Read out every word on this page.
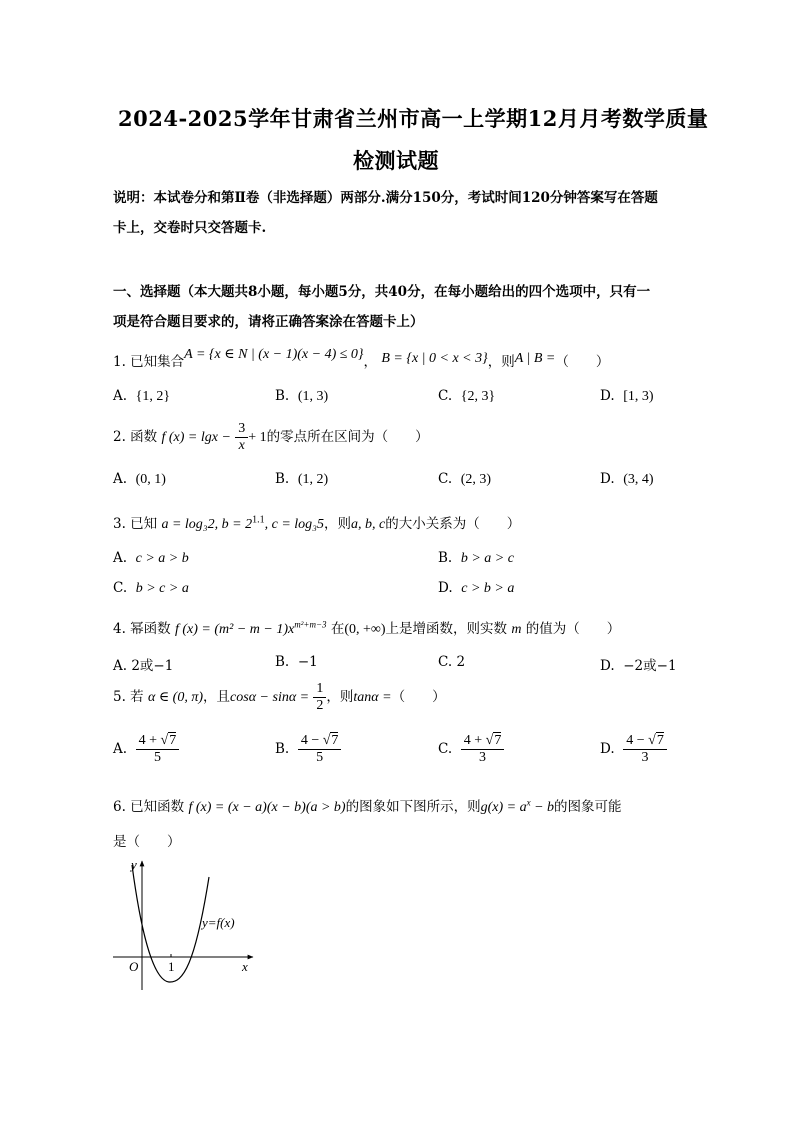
2024-2025学年甘肃省兰州市高一上学期12月月考数学质量
检测试题
说明：本试卷分和第Ⅱ卷（非选择题）两部分.满分150分，考试时间120分钟答案写在答题
卡上，交卷时只交答题卡.
一、选择题（本大题共8小题，每小题5分，共40分，在每小题给出的四个选项中，只有一
项是符合题目要求的，请将正确答案涂在答题卡上）
1. 已知集合A = {x ∈ N | (x − 1)(x − 4) ≤ 0}， B = {x | 0 < x < 3}，则A | B =（　　）
A. {1, 2}	B. (1, 3)	C. {2, 3}	D. [1, 3)
2. 函数 f $(x) = \lg x - \frac{3}{x} + 1$的零点所在区间为（　　）
A. (0, 1)	B. (1, 2)	C. (2, 3)	D. (3, 4)
3. 已知 a = log₃2, $b = 2^{1.1}$, c = log₃5，则a, b, c的大小关系为（　　）
A. c > a > b	B. b > a > c
C. b > c > a	D. c > b > a
4. 幂函数 f $(x) = (m^2 - m - 1)x^{m^2+m-3}$ 在(0, +∞)上是增函数，则实数 m 的值为（　　）
A. 2或−1	B. −1	C. 2	D. −2或−1
5. 若 α ∈ (0, π)，且$\cos\alpha - \sin\alpha = \frac{1}{2}$ ，则tanα =（　　）
A. $\frac{4 + √7}{5}$	B. $\frac{4 - √7}{5}$	C. $\frac{4 + √7}{3}$	D. $\frac{4 - √7}{3}$
6. 已知函数 f (x) = (x − a)(x − b)(a > b)的图象如下图所示，则$g(x) = a^x - b$的图象可能
是（　　）
y
x
O 1
y=f(x)
